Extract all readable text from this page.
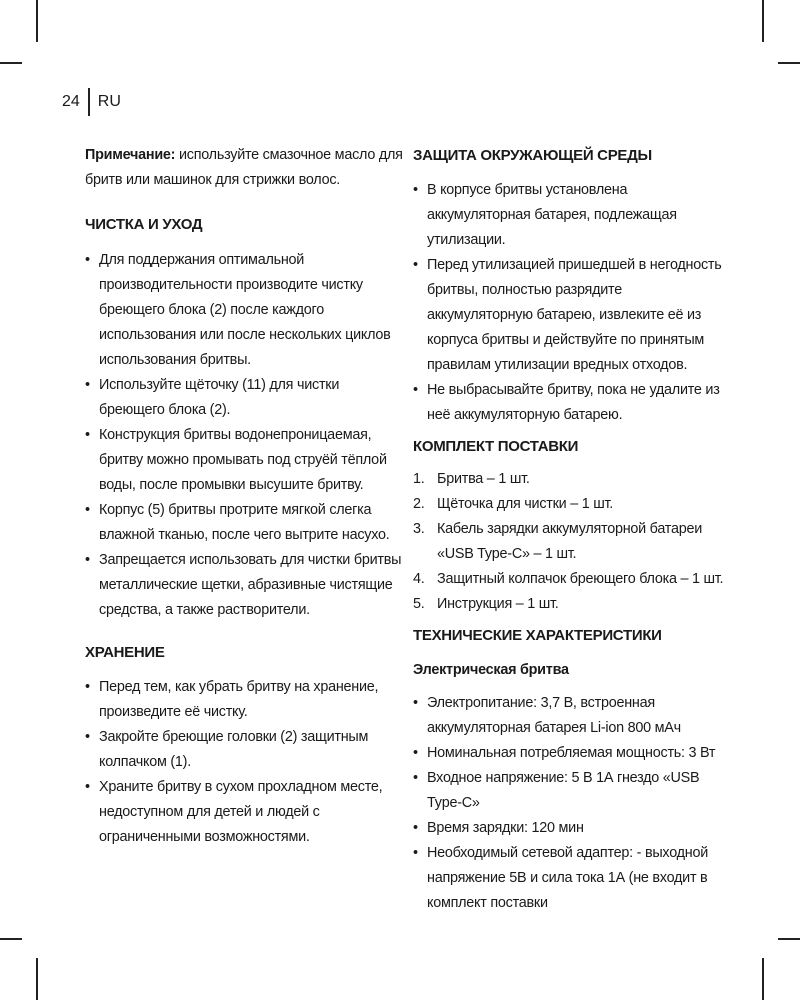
24 RU

Примечание: используйте смазочное масло для бритв или машинок для стрижки волос.

ЧИСТКА И УХОД
• Для поддержания оптимальной производительности производите чистку бреющего блока (2) после каждого использования или после нескольких циклов использования бритвы.
• Используйте щёточку (11) для чистки бреющего блока (2).
• Конструкция бритвы водонепроницаемая, бритву можно промывать под струёй тёплой воды, после промывки высушите бритву.
• Корпус (5) бритвы протрите мягкой слегка влажной тканью, после чего вытрите насухо.
• Запрещается использовать для чистки бритвы металлические щетки, абразивные чистящие средства, а также растворители.
ХРАНЕНИЕ
• Перед тем, как убрать бритву на хранение, произведите её чистку.
• Закройте бреющие головки (2) защитным колпачком (1).
• Храните бритву в сухом прохладном месте, недоступном для детей и людей с ограниченными возможностями.
ЗАЩИТА ОКРУЖАЮЩЕЙ СРЕДЫ
• В корпусе бритвы установлена аккумуляторная батарея, подлежащая утилизации.
• Перед утилизацией пришедшей в негодность бритвы, полностью разрядите аккумуляторную батарею, извлеките её из корпуса бритвы и действуйте по принятым правилам утилизации вредных отходов.
• Не выбрасывайте бритву, пока не удалите из неё аккумуляторную батарею.
КОМПЛЕКТ ПОСТАВКИ
1. Бритва – 1 шт.
2. Щёточка для чистки – 1 шт.
3. Кабель зарядки аккумуляторной батареи «USB Type-C» – 1 шт.
4. Защитный колпачок бреющего блока – 1 шт.
5. Инструкция – 1 шт.
ТЕХНИЧЕСКИЕ ХАРАКТЕРИСТИКИ
Электрическая бритва
• Электропитание: 3,7 В, встроенная аккумуляторная батарея Li-ion 800 мАч
• Номинальная потребляемая мощность: 3 Вт
• Входное напряжение: 5 В 1А гнездо «USB Type-C»
• Время зарядки: 120 мин
• Необходимый сетевой адаптер: - выходной напряжение 5В и сила тока 1А (не входит в комплект поставки
